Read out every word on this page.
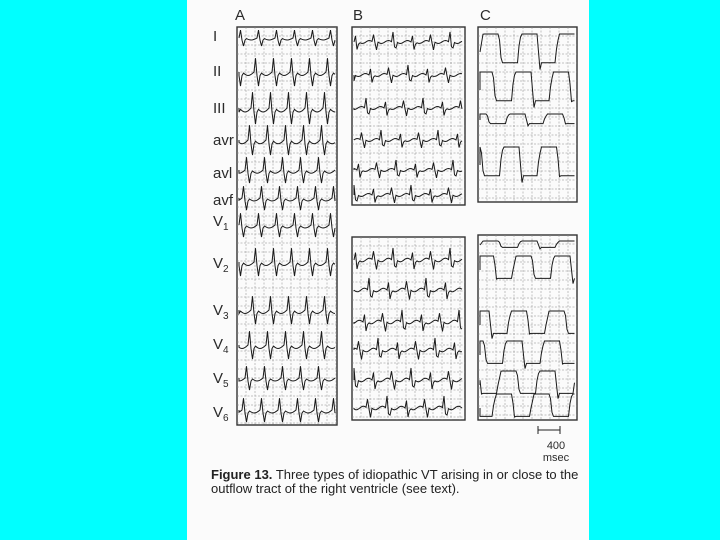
A	B	C
I
II
III
avr
avl
avf
$V_1$
$V_2$
$V_3$
$V_4$
$V_5$
$V_6$
400
msec
Figure 13. Three types of idiopathic VT arising in or close to the outflow tract of the right ventricle (see text).
